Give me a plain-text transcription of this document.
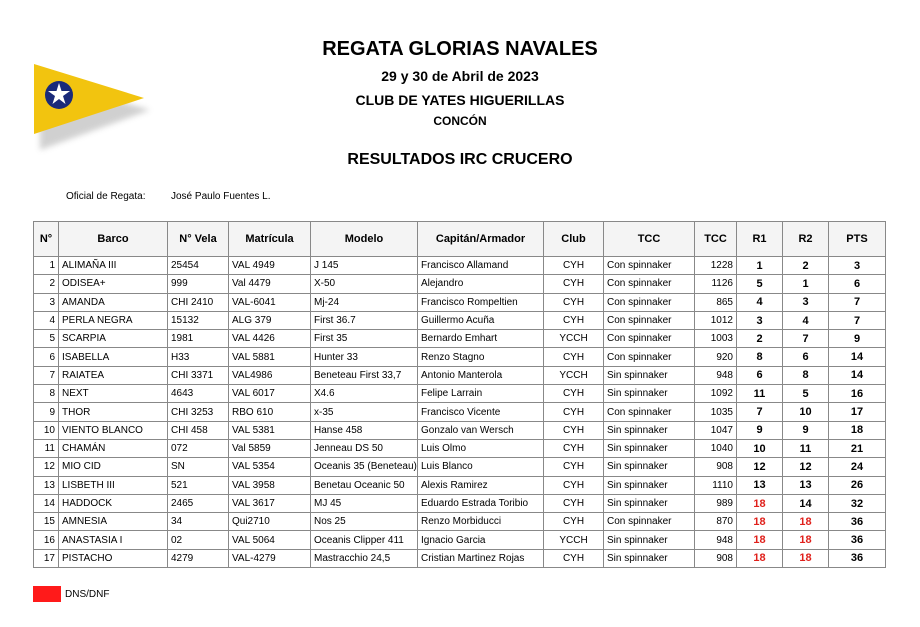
REGATA GLORIAS NAVALES
29 y 30 de Abril de 2023
CLUB DE YATES HIGUERILLAS
CONCÓN
RESULTADOS IRC CRUCERO
Oficial de Regata:	José Paulo Fuentes L.
N°	Barco	N° Vela	Matrícula	Modelo	Capitán/Armador	Club	TCC	TCC	R1	R2	PTS
1	ALIMAÑA III	25454	VAL 4949	J 145	Francisco Allamand	CYH	Con spinnaker	1228	1	2	3
2	ODISEA+	999	Val 4479	X-50	Alejandro	CYH	Con spinnaker	1126	5	1	6
3	AMANDA	CHI 2410	VAL-6041	Mj-24	Francisco Rompeltien	CYH	Con spinnaker	865	4	3	7
4	PERLA NEGRA	15132	ALG 379	First 36.7	Guillermo Acuña	CYH	Con spinnaker	1012	3	4	7
5	SCARPIA	1981	VAL 4426	First 35	Bernardo Emhart	YCCH	Con spinnaker	1003	2	7	9
6	ISABELLA	H33	VAL 5881	Hunter 33	Renzo Stagno	CYH	Con spinnaker	920	8	6	14
7	RAIATEA	CHI 3371	VAL4986	Beneteau First 33,7	Antonio Manterola	YCCH	Sin spinnaker	948	6	8	14
8	NEXT	4643	VAL 6017	X4.6	Felipe Larrain	CYH	Sin spinnaker	1092	11	5	16
9	THOR	CHI 3253	RBO 610	x-35	Francisco Vicente	CYH	Con spinnaker	1035	7	10	17
10	VIENTO BLANCO	CHI 458	VAL 5381	Hanse 458	Gonzalo van Wersch	CYH	Sin spinnaker	1047	9	9	18
11	CHAMÁN	072	Val 5859	Jenneau DS 50	Luis Olmo	CYH	Sin spinnaker	1040	10	11	21
12	MIO CID	SN	VAL 5354	Oceanis 35 (Beneteau)	Luis Blanco	CYH	Sin spinnaker	908	12	12	24
13	LISBETH III	521	VAL 3958	Benetau Oceanic 50	Alexis Ramirez	CYH	Sin spinnaker	1110	13	13	26
14	HADDOCK	2465	VAL 3617	MJ 45	Eduardo Estrada Toribio	CYH	Sin spinnaker	989	18	14	32
15	AMNESIA	34	Qui2710	Nos 25	Renzo Morbiducci	CYH	Con spinnaker	870	18	18	36
16	ANASTASIA I	02	VAL 5064	Oceanis Clipper 411	Ignacio Garcia	YCCH	Sin spinnaker	948	18	18	36
17	PISTACHO	4279	VAL-4279	Mastracchio 24,5	Cristian Martinez Rojas	CYH	Sin spinnaker	908	18	18	36
DNS/DNF
